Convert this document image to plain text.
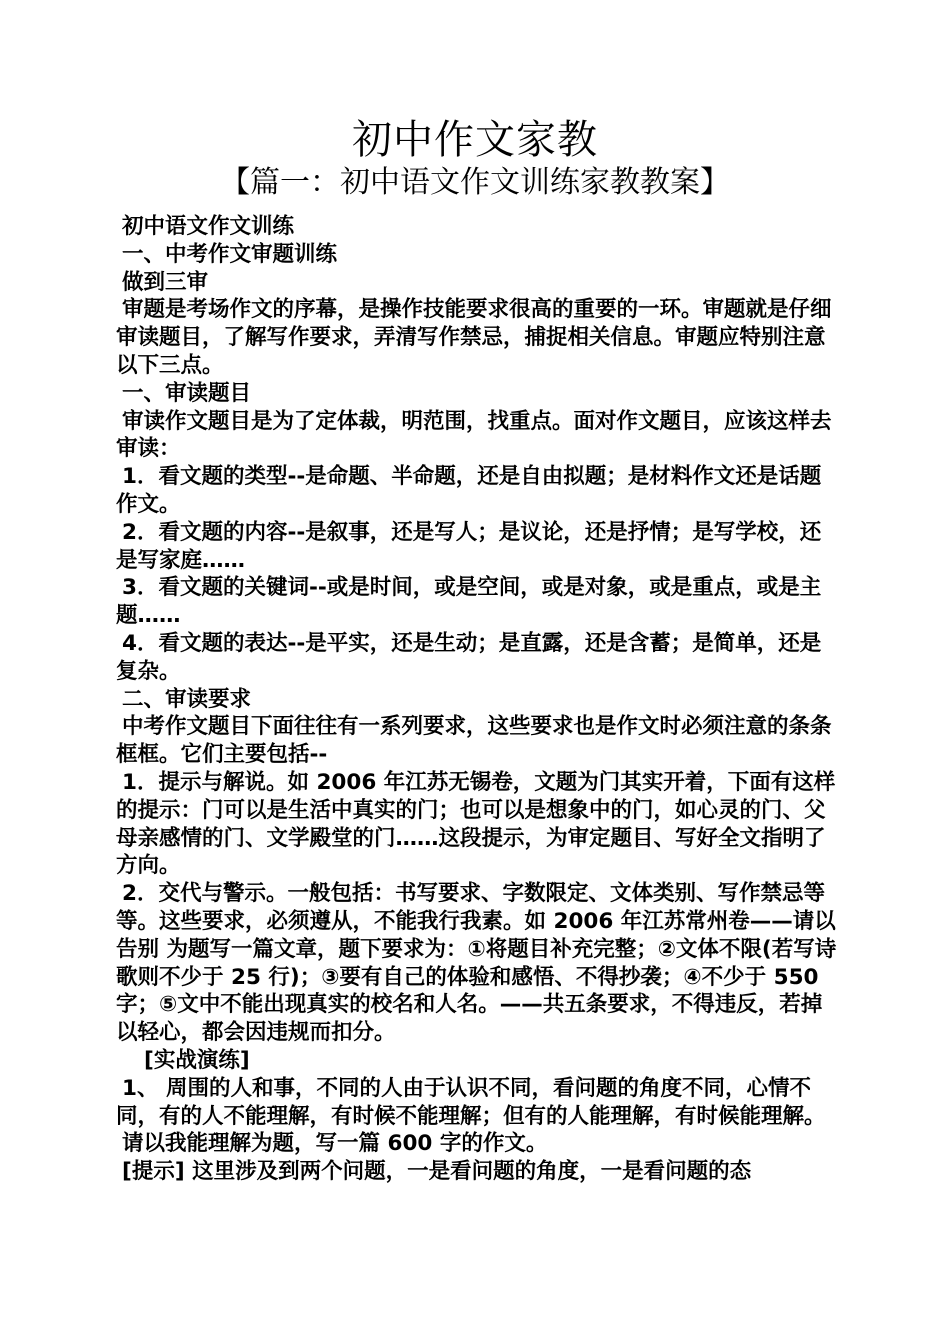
初中作文家教
【篇一：初中语文作文训练家教教案】

初中语文作文训练

一、中考作文审题训练

做到三审

审题是考场作文的序幕，是操作技能要求很高的重要的一环。审题就是仔细审读题目，了解写作要求，弄清写作禁忌，捕捉相关信息。审题应特别注意以下三点。

一、审读题目

审读作文题目是为了定体裁，明范围，找重点。面对作文题目，应该这样去审读：

1．看文题的类型--是命题、半命题，还是自由拟题；是材料作文还是话题作文。

2．看文题的内容--是叙事，还是写人；是议论，还是抒情；是写学校，还是写家庭……

3．看文题的关键词--或是时间，或是空间，或是对象，或是重点，或是主题……

4．看文题的表达--是平实，还是生动；是直露，还是含蓄；是简单，还是复杂。

二、审读要求

中考作文题目下面往往有一系列要求，这些要求也是作文时必须注意的条条框框。它们主要包括--

1．提示与解说。如 2006 年江苏无锡卷，文题为门其实开着，下面有这样的提示：门可以是生活中真实的门；也可以是想象中的门，如心灵的门、父母亲感情的门、文学殿堂的门……这段提示，为审定题目、写好全文指明了方向。

2．交代与警示。一般包括：书写要求、字数限定、文体类别、写作禁忌等等。这些要求，必须遵从，不能我行我素。如 2006 年江苏常州卷——请以告别 为题写一篇文章，题下要求为：①将题目补充完整；②文体不限(若写诗歌则不少于 25 行)；③要有自己的体验和感悟、不得抄袭；④不少于 550 字；⑤文中不能出现真实的校名和人名。——共五条要求，不得违反，若掉以轻心，都会因违规而扣分。

[实战演练]

1、 周围的人和事，不同的人由于认识不同，看问题的角度不同，心情不同，有的人不能理解，有时候不能理解；但有的人能理解，有时候能理解。

请以我能理解为题，写一篇 600 字的作文。

[提示] 这里涉及到两个问题，一是看问题的角度，一是看问题的态
